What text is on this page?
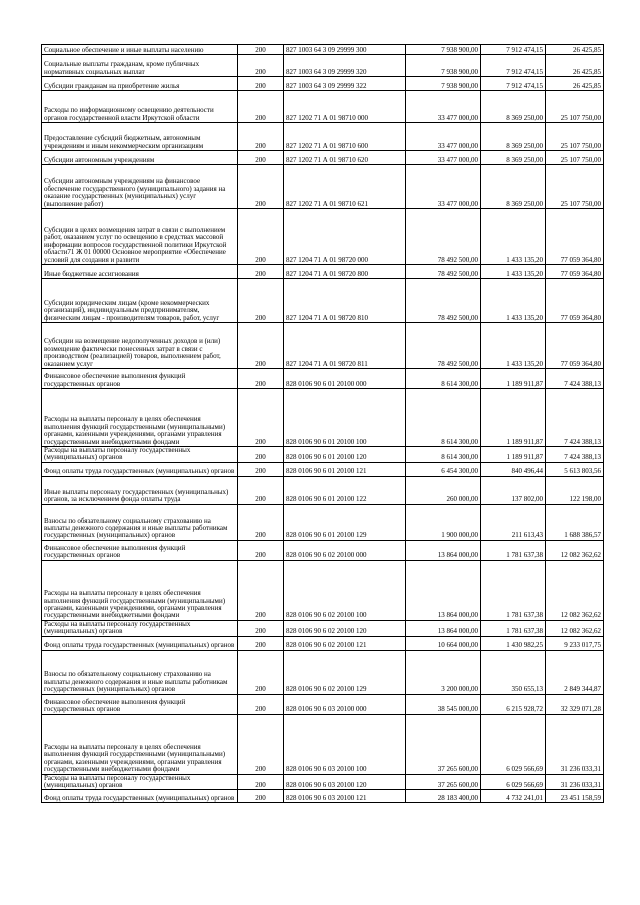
Социальное обеспечение и иные выплаты населению	200	827 1003 64 3 09 29999 300	7 938 900,00	7 912 474,15	26 425,85
Социальные выплаты гражданам, кроме публичных нормативных социальных выплат	200	827 1003 64 3 09 29999 320	7 938 900,00	7 912 474,15	26 425,85
Субсидии гражданам на приобретение жилья	200	827 1003 64 3 09 29999 322	7 938 900,00	7 912 474,15	26 425,85
Расходы по информационному освещению деятельности органов государственной власти Иркутской области	200	827 1202 71 А 01 98710 000	33 477 000,00	8 369 250,00	25 107 750,00
Предоставление субсидий бюджетным, автономным учреждениям и иным некоммерческим организациям	200	827 1202 71 А 01 98710 600	33 477 000,00	8 369 250,00	25 107 750,00
Субсидии автономным учреждениям	200	827 1202 71 А 01 98710 620	33 477 000,00	8 369 250,00	25 107 750,00
Субсидии автономным учреждениям на финансовое обеспечение государственного (муниципального) задания на оказание государственных (муниципальных) услуг (выполнение работ)	200	827 1202 71 А 01 98710 621	33 477 000,00	8 369 250,00	25 107 750,00
Субсидии в целях возмещения затрат в связи с выполнением работ, оказанием услуг по освещению в средствах массовой информации вопросов государственной политики Иркутской области71 Ж 01 00000 Основное мероприятие «Обеспечение условий для создания и развити	200	827 1204 71 А 01 98720 000	78 492 500,00	1 433 135,20	77 059 364,80
Иные бюджетные ассигнования	200	827 1204 71 А 01 98720 800	78 492 500,00	1 433 135,20	77 059 364,80
Субсидии юридическим лицам (кроме некоммерческих организаций), индивидуальным предпринимателям, физическим лицам - производителям товаров, работ, услуг	200	827 1204 71 А 01 98720 810	78 492 500,00	1 433 135,20	77 059 364,80
Субсидии на возмещение недополученных доходов и (или) возмещение фактически понесенных затрат в связи с производством (реализацией) товаров, выполнением работ, оказанием услуг	200	827 1204 71 А 01 98720 811	78 492 500,00	1 433 135,20	77 059 364,80
Финансовое обеспечение выполнения функций государственных органов	200	828 0106 90 6 01 20100 000	8 614 300,00	1 189 911,87	7 424 388,13
Расходы на выплаты персоналу в целях обеспечения выполнения функций государственными (муниципальными) органами, казенными учреждениями, органами управления государственными внебюджетными фондами	200	828 0106 90 6 01 20100 100	8 614 300,00	1 189 911,87	7 424 388,13
Расходы на выплаты персоналу государственных (муниципальных) органов	200	828 0106 90 6 01 20100 120	8 614 300,00	1 189 911,87	7 424 388,13
Фонд оплаты труда государственных (муниципальных) органов	200	828 0106 90 6 01 20100 121	6 454 300,00	840 496,44	5 613 803,56
Иные выплаты персоналу государственных (муниципальных) органов, за исключением фонда оплаты труда	200	828 0106 90 6 01 20100 122	260 000,00	137 802,00	122 198,00
Взносы по обязательному социальному страхованию на выплаты денежного содержания и иные выплаты работникам государственных (муниципальных) органов	200	828 0106 90 6 01 20100 129	1 900 000,00	211 613,43	1 688 386,57
Финансовое обеспечение выполнения функций государственных органов	200	828 0106 90 6 02 20100 000	13 864 000,00	1 781 637,38	12 082 362,62
Расходы на выплаты персоналу в целях обеспечения выполнения функций государственными (муниципальными) органами, казенными учреждениями, органами управления государственными внебюджетными фондами	200	828 0106 90 6 02 20100 100	13 864 000,00	1 781 637,38	12 082 362,62
Расходы на выплаты персоналу государственных (муниципальных) органов	200	828 0106 90 6 02 20100 120	13 864 000,00	1 781 637,38	12 082 362,62
Фонд оплаты труда государственных (муниципальных) органов	200	828 0106 90 6 02 20100 121	10 664 000,00	1 430 982,25	9 233 017,75
Взносы по обязательному социальному страхованию на выплаты денежного содержания и иные выплаты работникам государственных (муниципальных) органов	200	828 0106 90 6 02 20100 129	3 200 000,00	350 655,13	2 849 344,87
Финансовое обеспечение выполнения функций государственных органов	200	828 0106 90 6 03 20100 000	38 545 000,00	6 215 928,72	32 329 071,28
Расходы на выплаты персоналу в целях обеспечения выполнения функций государственными (муниципальными) органами, казенными учреждениями, органами управления государственными внебюджетными фондами	200	828 0106 90 6 03 20100 100	37 265 600,00	6 029 566,69	31 236 033,31
Расходы на выплаты персоналу государственных (муниципальных) органов	200	828 0106 90 6 03 20100 120	37 265 600,00	6 029 566,69	31 236 033,31
Фонд оплаты труда государственных (муниципальных) органов	200	828 0106 90 6 03 20100 121	28 183 400,00	4 732 241,01	23 451 158,59
